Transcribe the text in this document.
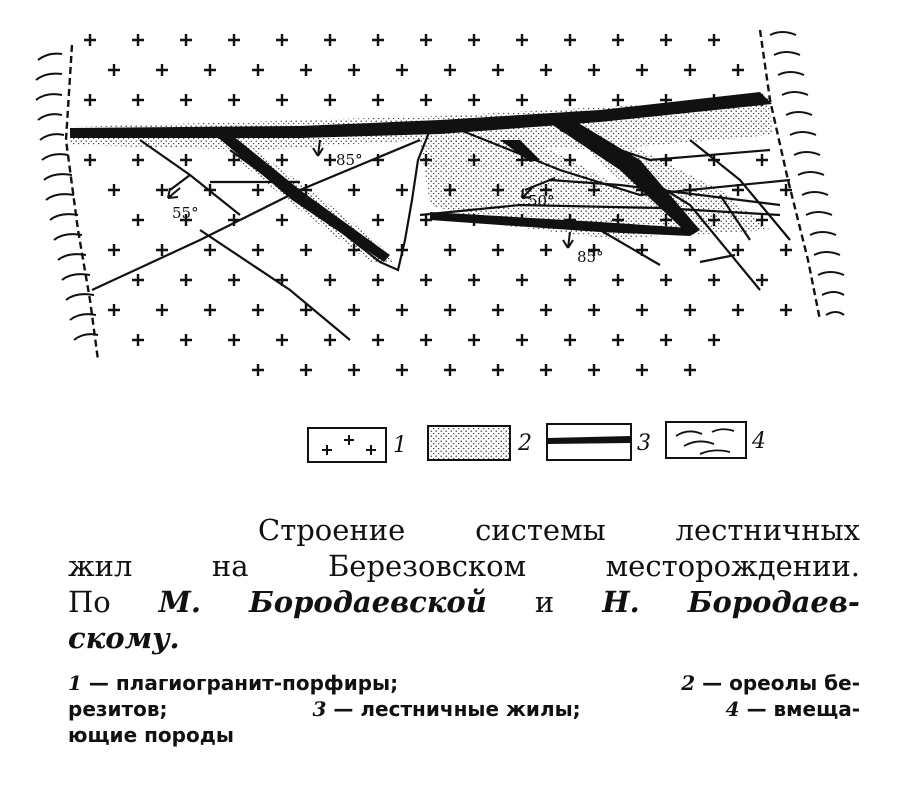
55°
85°
50°
85°
1	2	3	4
Строение системы лестничных
жил	на	Березовском	месторождении.
По М. Бородаевской и Н. Бородаев-
скому.
1 — плагиогранит-порфиры;	2 — ореолы бе-
резитов;	3 — лестничные жилы;	4 — вмеща-
ющие породы
